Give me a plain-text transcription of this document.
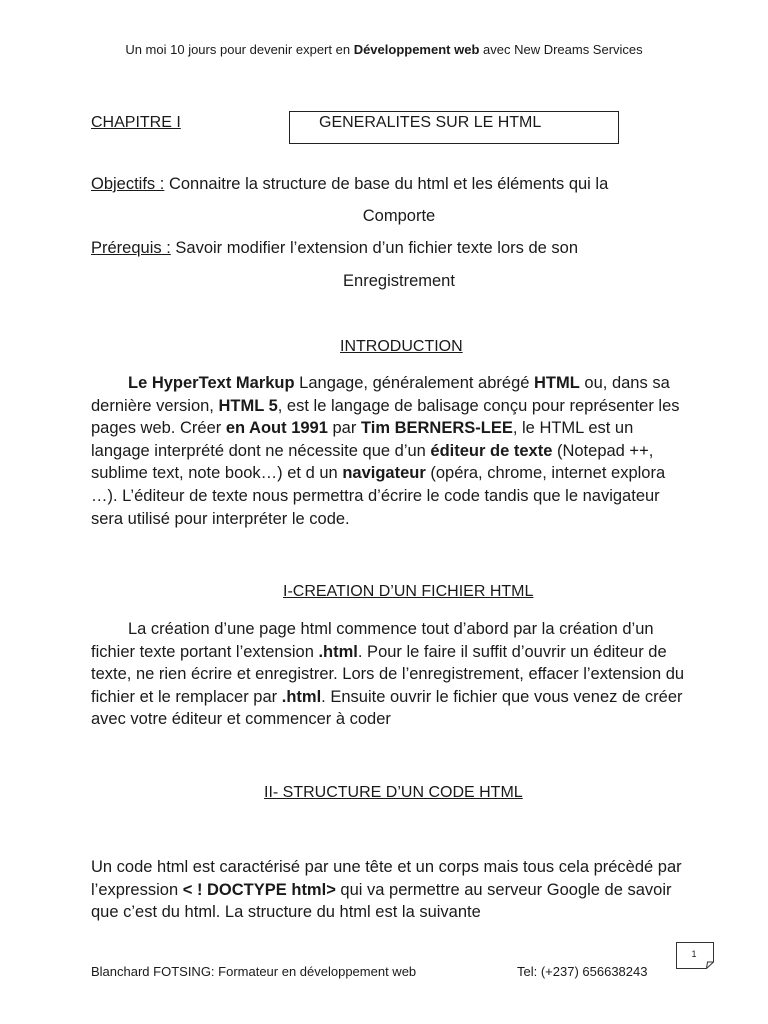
Un moi 10 jours pour devenir expert en Développement web avec New Dreams Services
CHAPITRE I	GENERALITES SUR LE HTML
Objectifs : Connaitre la structure de base du html et les éléments qui la
Comporte
Prérequis : Savoir modifier l’extension d’un fichier texte lors de son
Enregistrement
INTRODUCTION
Le HyperText Markup Langage, généralement abrégé HTML ou, dans sa dernière version, HTML 5, est le langage de balisage conçu pour représenter les pages web. Créer en Aout 1991 par Tim BERNERS-LEE, le HTML est un langage interprété dont ne nécessite que d’un éditeur de texte (Notepad ++, sublime text, note book…) et d un navigateur (opéra, chrome, internet explora …). L’éditeur de texte nous permettra d’écrire le code tandis que le navigateur sera utilisé pour interpréter le code.
I-CREATION D’UN FICHIER HTML
La création d’une page html commence tout d’abord par la création d’un fichier texte portant l’extension .html. Pour le faire il suffit d’ouvrir un éditeur de texte, ne rien écrire et enregistrer. Lors de l’enregistrement, effacer l’extension du fichier et le remplacer par .html. Ensuite ouvrir le fichier que vous venez de créer avec votre éditeur et commencer à coder
II- STRUCTURE D’UN CODE HTML
Un code html est caractérisé par une tête et un corps mais tous cela précèdé par l’expression < ! DOCTYPE html> qui va permettre au serveur Google de savoir que c’est du html. La structure du html est la suivante
1
Blanchard FOTSING: Formateur en développement web	Tel: (+237) 656638243
